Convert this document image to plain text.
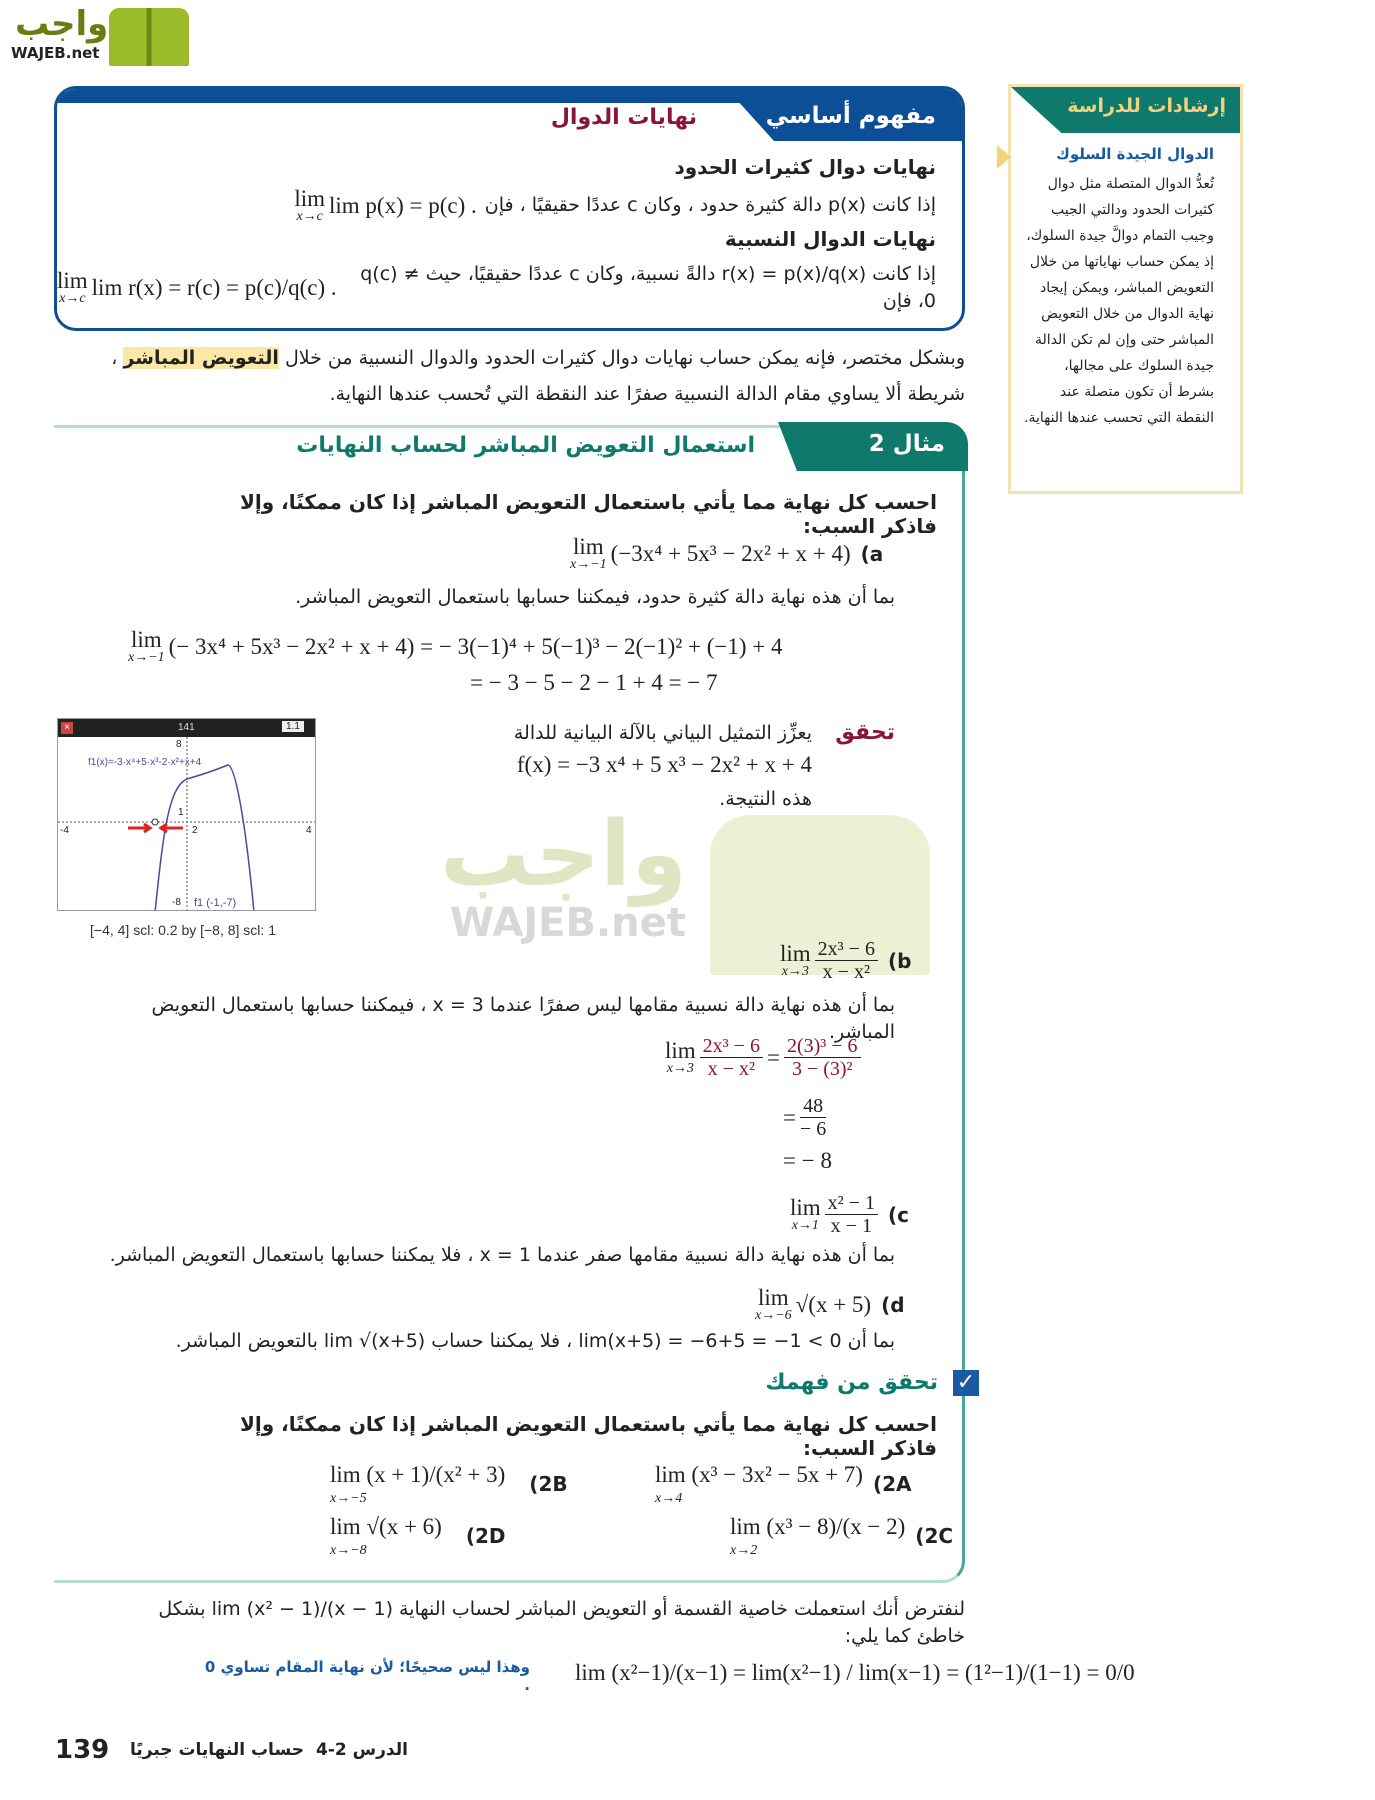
واجب
WAJEB.net
مفهوم أساسي
نهايات الدوال
نهايات دوال كثيرات الحدود
إذا كانت p(x) دالة كثيرة حدود ، وكان c عددًا حقيقيًا ، فإن
lim
x→c lim p(x) = p(c) .
نهايات الدوال النسبية
إذا كانت r(x) = p(x)/q(x) دالةً نسبية، وكان c عددًا حقيقيًا، حيث q(c) ≠ 0، فإن
lim
x→c lim r(x) = r(c) = p(c)/q(c) .
وبشكل مختصر، فإنه يمكن حساب نهايات دوال كثيرات الحدود والدوال النسبية من خلال التعويض المباشر ،
شريطة ألا يساوي مقام الدالة النسبية صفرًا عند النقطة التي تُحسب عندها النهاية.
مثال 2
استعمال التعويض المباشر لحساب النهايات
احسب كل نهاية مما يأتي باستعمال التعويض المباشر إذا كان ممكنًا، وإلا فاذكر السبب:
lim
x→−1 (−3x⁴ + 5x³ − 2x² + x + 4) (a
بما أن هذه نهاية دالة كثيرة حدود، فيمكننا حسابها باستعمال التعويض المباشر.
lim
x→−1 (− 3x⁴ + 5x³ − 2x² + x + 4) = − 3(−1)⁴ + 5(−1)³ − 2(−1)² + (−1) + 4
= − 3 − 5 − 2 − 1 + 4 = − 7
×	141	1.1
f1(x)=-3·x⁴+5·x³-2·x²+x+4
8
-8
-4	4
1
2
f1 (-1,-7)
[−4, 4] scl: 0.2 by [−8, 8] scl: 1
تحقق
يعزِّز التمثيل البياني بالآلة البيانية للدالة
f(x) = −3 x⁴ + 5 x³ − 2x² + x + 4
هذه النتيجة.
واجب
WAJEB.net
lim
$x\to 3 \frac{\text{2x³ − 6}}{\text{x − x²}} (b$
بما أن هذه نهاية دالة نسبية مقامها ليس صفرًا عندما x = 3 ، فيمكننا حسابها باستعمال التعويض المباشر.
lim
$x\to 3 \frac{\text{2x³ − 6}}{\text{x − x²}} = \frac{\text{2(3)³ − 6}}{\text{3 − (3)²}}$
= $\frac{48}{- 6}$
= − 8
lim
$x\to 1 \frac{\text{x² − 1}}{x - 1} (c$
بما أن هذه نهاية دالة نسبية مقامها صفر عندما x = 1 ، فلا يمكننا حسابها باستعمال التعويض المباشر.
lim
x→−6 √(x + 5) (d
بما أن lim(x+5) = −6+5 = −1 < 0 ، فلا يمكننا حساب lim √(x+5) بالتعويض المباشر.
✓
تحقق من فهمك
احسب كل نهاية مما يأتي باستعمال التعويض المباشر إذا كان ممكنًا، وإلا فاذكر السبب:
lim (x³ − 3x² − 5x + 7)
x→4
(2A
lim (x + 1)/(x² + 3)
x→−5
(2B
lim (x³ − 8)/(x − 2)
x→2
(2C
lim √(x + 6)
x→−8
(2D
لنفترض أنك استعملت خاصية القسمة أو التعويض المباشر لحساب النهاية lim (x² − 1)/(x − 1) بشكل خاطئ كما يلي:
lim (x²−1)/(x−1) = lim(x²−1) / lim(x−1) = (1²−1)/(1−1) = 0/0
وهذا ليس صحيحًا؛ لأن نهاية المقام تساوي 0 .
إرشادات للدراسة
الدوال الجيدة السلوك
تُعدُّ الدوال المتصلة مثل دوال كثيرات الحدود ودالتي الجيب وجيب التمام دوالَّ جيدة السلوك، إذ يمكن حساب نهاياتها من خلال التعويض المباشر، ويمكن إيجاد نهاية الدوال من خلال التعويض المباشر حتى وإن لم تكن الدالة جيدة السلوك على مجالها، بشرط أن تكون متصلة عند النقطة التي تحسب عندها النهاية.
139	الدرس 2-4
حساب النهايات جبريًا
